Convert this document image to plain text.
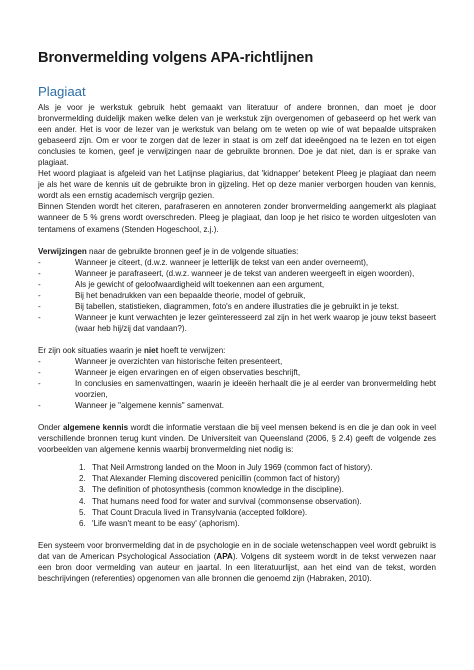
Bronvermelding volgens APA-richtlijnen
Plagiaat

Als je voor je werkstuk gebruik hebt gemaakt van literatuur of andere bronnen, dan moet je door bronvermelding duidelijk maken welke delen van je werkstuk zijn overgenomen of gebaseerd op het werk van een ander. Het is voor de lezer van je werkstuk van belang om te weten op wie of wat bepaalde uitspraken gebaseerd zijn. Om er voor te zorgen dat de lezer in staat is om zelf dat ideeëngoed na te lezen en tot eigen conclusies te komen, geef je verwijzingen naar de gebruikte bronnen. Doe je dat niet, dan is er sprake van plagiaat.

Het woord plagiaat is afgeleid van het Latijnse plagiarius, dat 'kidnapper' betekent Pleeg je plagiaat dan neem je als het ware de kennis uit de gebruikte bron in gijzeling. Het op deze manier verborgen houden van kennis, wordt als een ernstig academisch vergrijp gezien.

Binnen Stenden wordt het citeren, parafraseren en annoteren zonder bronvermelding aangemerkt als plagiaat wanneer de 5 % grens wordt overschreden. Pleeg je plagiaat, dan loop je het risico te worden uitgesloten van tentamens of examens (Stenden Hogeschool, z.j.).

Verwijzingen naar de gebruikte bronnen geef je in de volgende situaties:

-	Wanneer je citeert, (d.w.z. wanneer je letterlijk de tekst van een ander overneemt),
-	Wanneer je parafraseert, (d.w.z. wanneer je de tekst van anderen weergeeft in eigen woorden),
-	Als je gewicht of geloofwaardigheid wilt toekennen aan een argument,
-	Bij het benadrukken van een bepaalde theorie, model of gebruik,
-	Bij tabellen, statistieken, diagrammen, foto's en andere illustraties die je gebruikt in je tekst.
-	Wanneer je kunt verwachten je lezer geïnteresseerd zal zijn in het werk waarop je jouw tekst baseert (waar heb hij/zij dat vandaan?).

Er zijn ook situaties waarin je niet hoeft te verwijzen:

-	Wanneer je overzichten van historische feiten presenteert,
-	Wanneer je eigen ervaringen en of eigen observaties beschrijft,
-	In conclusies en samenvattingen, waarin je ideeën herhaalt die je al eerder van bronvermelding hebt voorzien,
-	Wanneer je "algemene kennis" samenvat.

Onder algemene kennis wordt die informatie verstaan die bij veel mensen bekend is en die je dan ook in veel verschillende bronnen terug kunt vinden. De Universiteit van Queensland (2006, § 2.4) geeft de volgende zes voorbeelden van algemene kennis waarbij bronvermelding niet nodig is:

1. That Neil Armstrong landed on the Moon in July 1969 (common fact of history).
2. That Alexander Fleming discovered penicillin (common fact of history)
3. The definition of photosynthesis (common knowledge in the discipline).
4. That humans need food for water and survival (commonsense observation).
5. That Count Dracula lived in Transylvania (accepted folklore).
6. 'Life wasn't meant to be easy' (aphorism).

Een systeem voor bronvermelding dat in de psychologie en in de sociale wetenschappen veel wordt gebruikt is dat van de American Psychological Association (APA). Volgens dit systeem wordt in de tekst verwezen naar een bron door vermelding van auteur en jaartal. In een literatuurlijst, aan het eind van de tekst, worden beschrijvingen (referenties) opgenomen van alle bronnen die genoemd zijn (Habraken, 2010).
